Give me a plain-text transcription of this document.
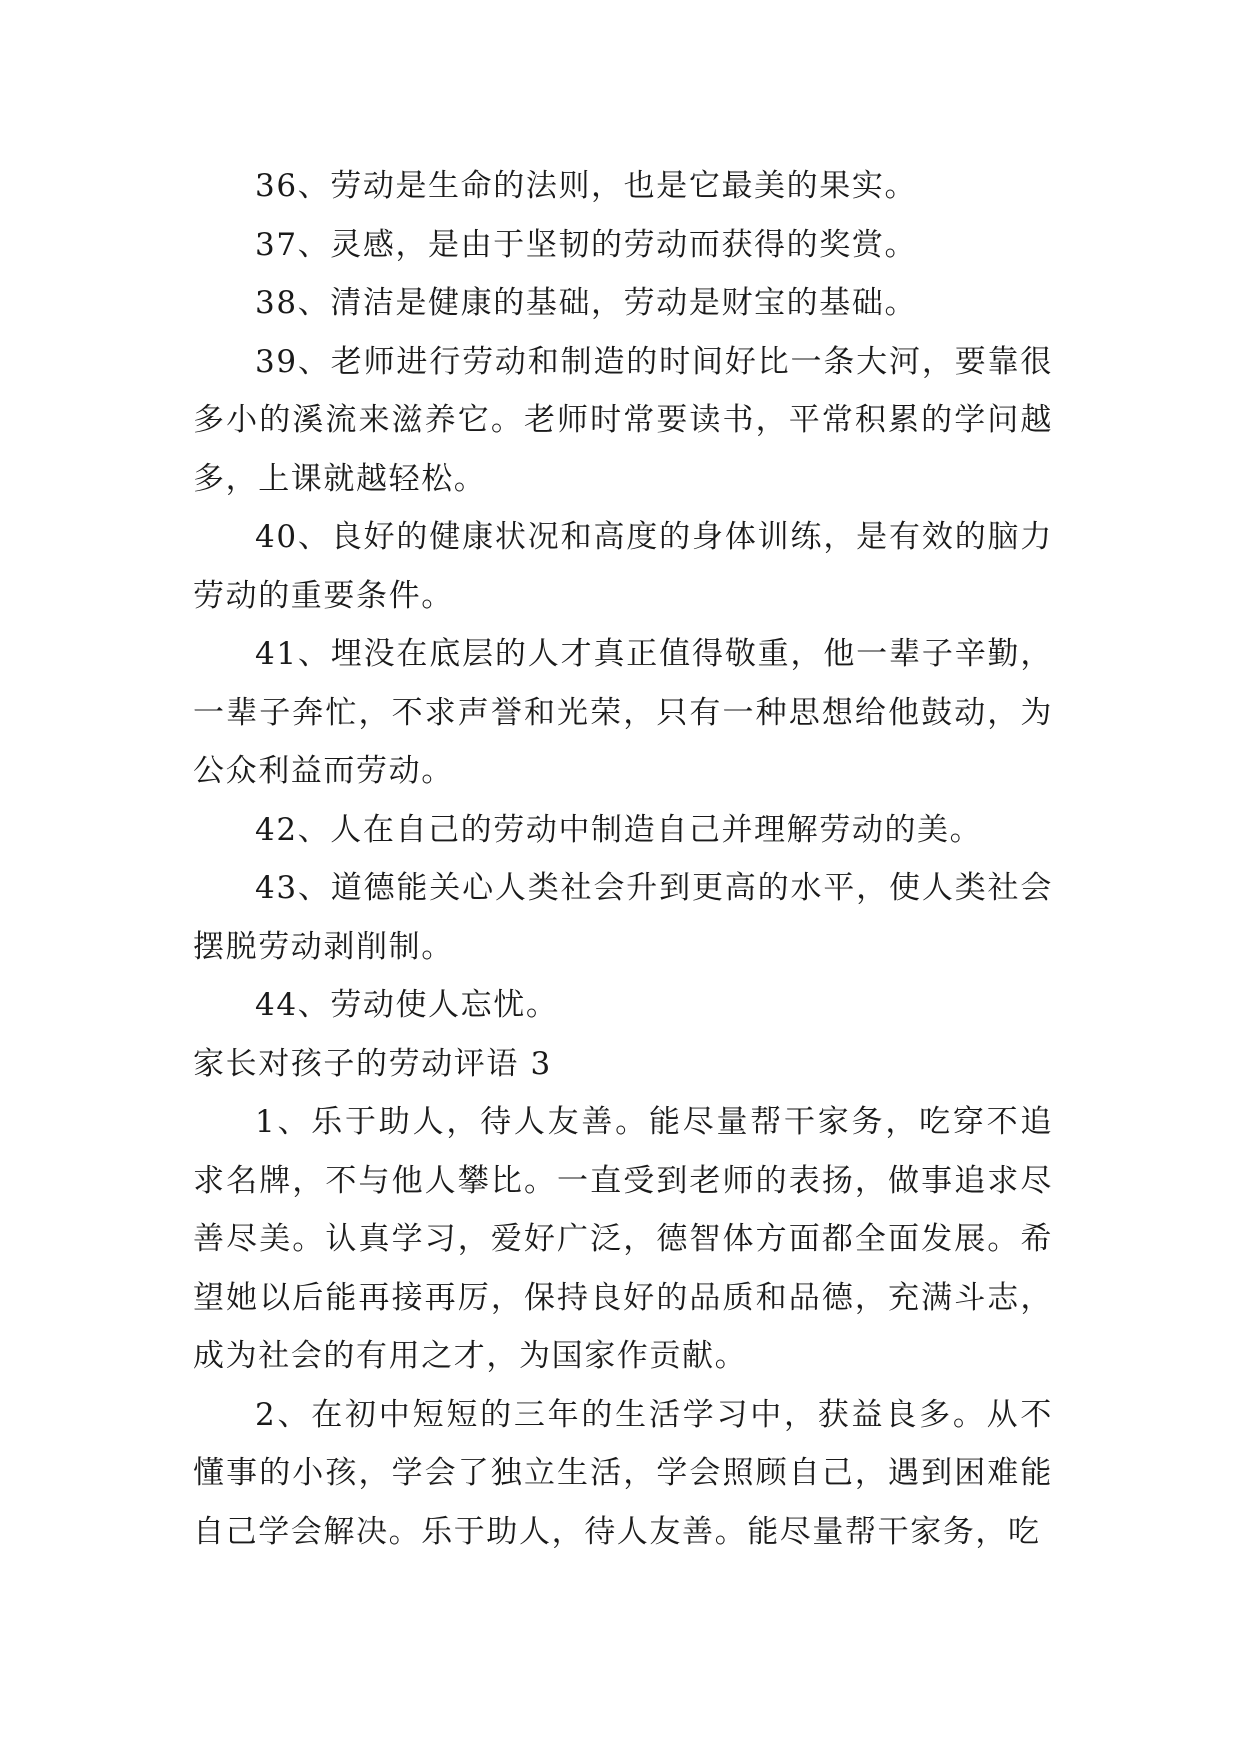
36、劳动是生命的法则，也是它最美的果实。

37、灵感，是由于坚韧的劳动而获得的奖赏。

38、清洁是健康的基础，劳动是财宝的基础。

39、老师进行劳动和制造的时间好比一条大河，要靠很多小的溪流来滋养它。老师时常要读书，平常积累的学问越多，上课就越轻松。

40、良好的健康状况和高度的身体训练，是有效的脑力劳动的重要条件。

41、埋没在底层的人才真正值得敬重，他一辈子辛勤，一辈子奔忙，不求声誉和光荣，只有一种思想给他鼓动，为公众利益而劳动。

42、人在自己的劳动中制造自己并理解劳动的美。

43、道德能关心人类社会升到更高的水平，使人类社会摆脱劳动剥削制。

44、劳动使人忘忧。

家长对孩子的劳动评语 3

1、乐于助人，待人友善。能尽量帮干家务，吃穿不追求名牌，不与他人攀比。一直受到老师的表扬，做事追求尽善尽美。认真学习，爱好广泛，德智体方面都全面发展。希望她以后能再接再厉，保持良好的品质和品德，充满斗志，成为社会的有用之才，为国家作贡献。

2、在初中短短的三年的生活学习中，获益良多。从不懂事的小孩，学会了独立生活，学会照顾自己，遇到困难能自己学会解决。乐于助人，待人友善。能尽量帮干家务，吃
